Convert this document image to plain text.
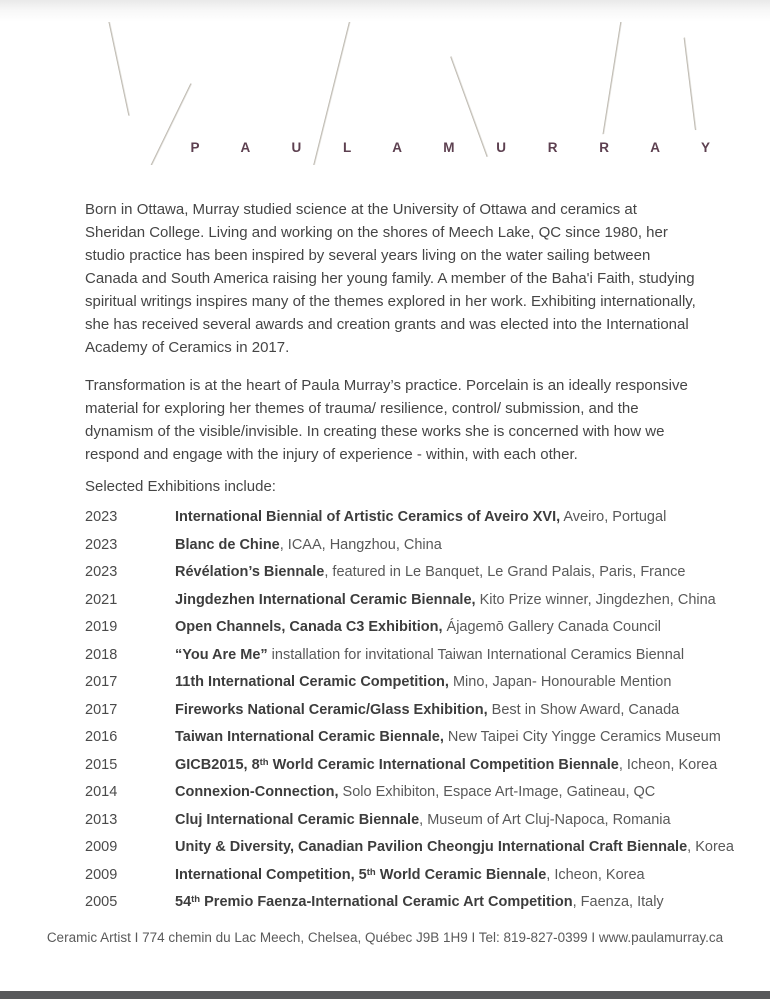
P A U L A M U R R A Y

Born in Ottawa, Murray studied science at the University of Ottawa and ceramics at Sheridan College. Living and working on the shores of Meech Lake, QC since 1980, her studio practice has been inspired by several years living on the water sailing between Canada and South America raising her young family. A member of the Baha'i Faith, studying spiritual writings inspires many of the themes explored in her work. Exhibiting internationally, she has received several awards and creation grants and was elected into the International Academy of Ceramics in 2017.

Transformation is at the heart of Paula Murray’s practice. Porcelain is an ideally responsive material for exploring her themes of trauma/ resilience, control/ submission, and the dynamism of the visible/invisible. In creating these works she is concerned with how we respond and engage with the injury of experience - within, with each other.

Selected Exhibitions include:

2023	International Biennial of Artistic Ceramics of Aveiro XVI, Aveiro, Portugal
2023	Blanc de Chine, ICAA, Hangzhou, China
2023	Révélation’s Biennale, featured in Le Banquet, Le Grand Palais, Paris, France
2021	Jingdezhen International Ceramic Biennale, Kito Prize winner, Jingdezhen, China
2019	Open Channels, Canada C3 Exhibition, Ájagemō Gallery Canada Council
2018	“You Are Me” installation for invitational Taiwan International Ceramics Biennal
2017	11th International Ceramic Competition, Mino, Japan- Honourable Mention
2017	Fireworks National Ceramic/Glass Exhibition, Best in Show Award, Canada
2016	Taiwan International Ceramic Biennale, New Taipei City Yingge Ceramics Museum
2015	GICB2015, 8th World Ceramic International Competition Biennale, Icheon, Korea
2014	Connexion-Connection, Solo Exhibiton, Espace Art-Image, Gatineau, QC
2013	Cluj International Ceramic Biennale, Museum of Art Cluj-Napoca, Romania
2009	Unity & Diversity, Canadian Pavilion Cheongju International Craft Biennale, Korea
2009	International Competition, 5th World Ceramic Biennale, Icheon, Korea
2005	54th Premio Faenza-International Ceramic Art Competition, Faenza, Italy
Ceramic Artist I 774 chemin du Lac Meech, Chelsea, Québec J9B 1H9 I Tel: 819-827-0399 I www.paulamurray.ca
